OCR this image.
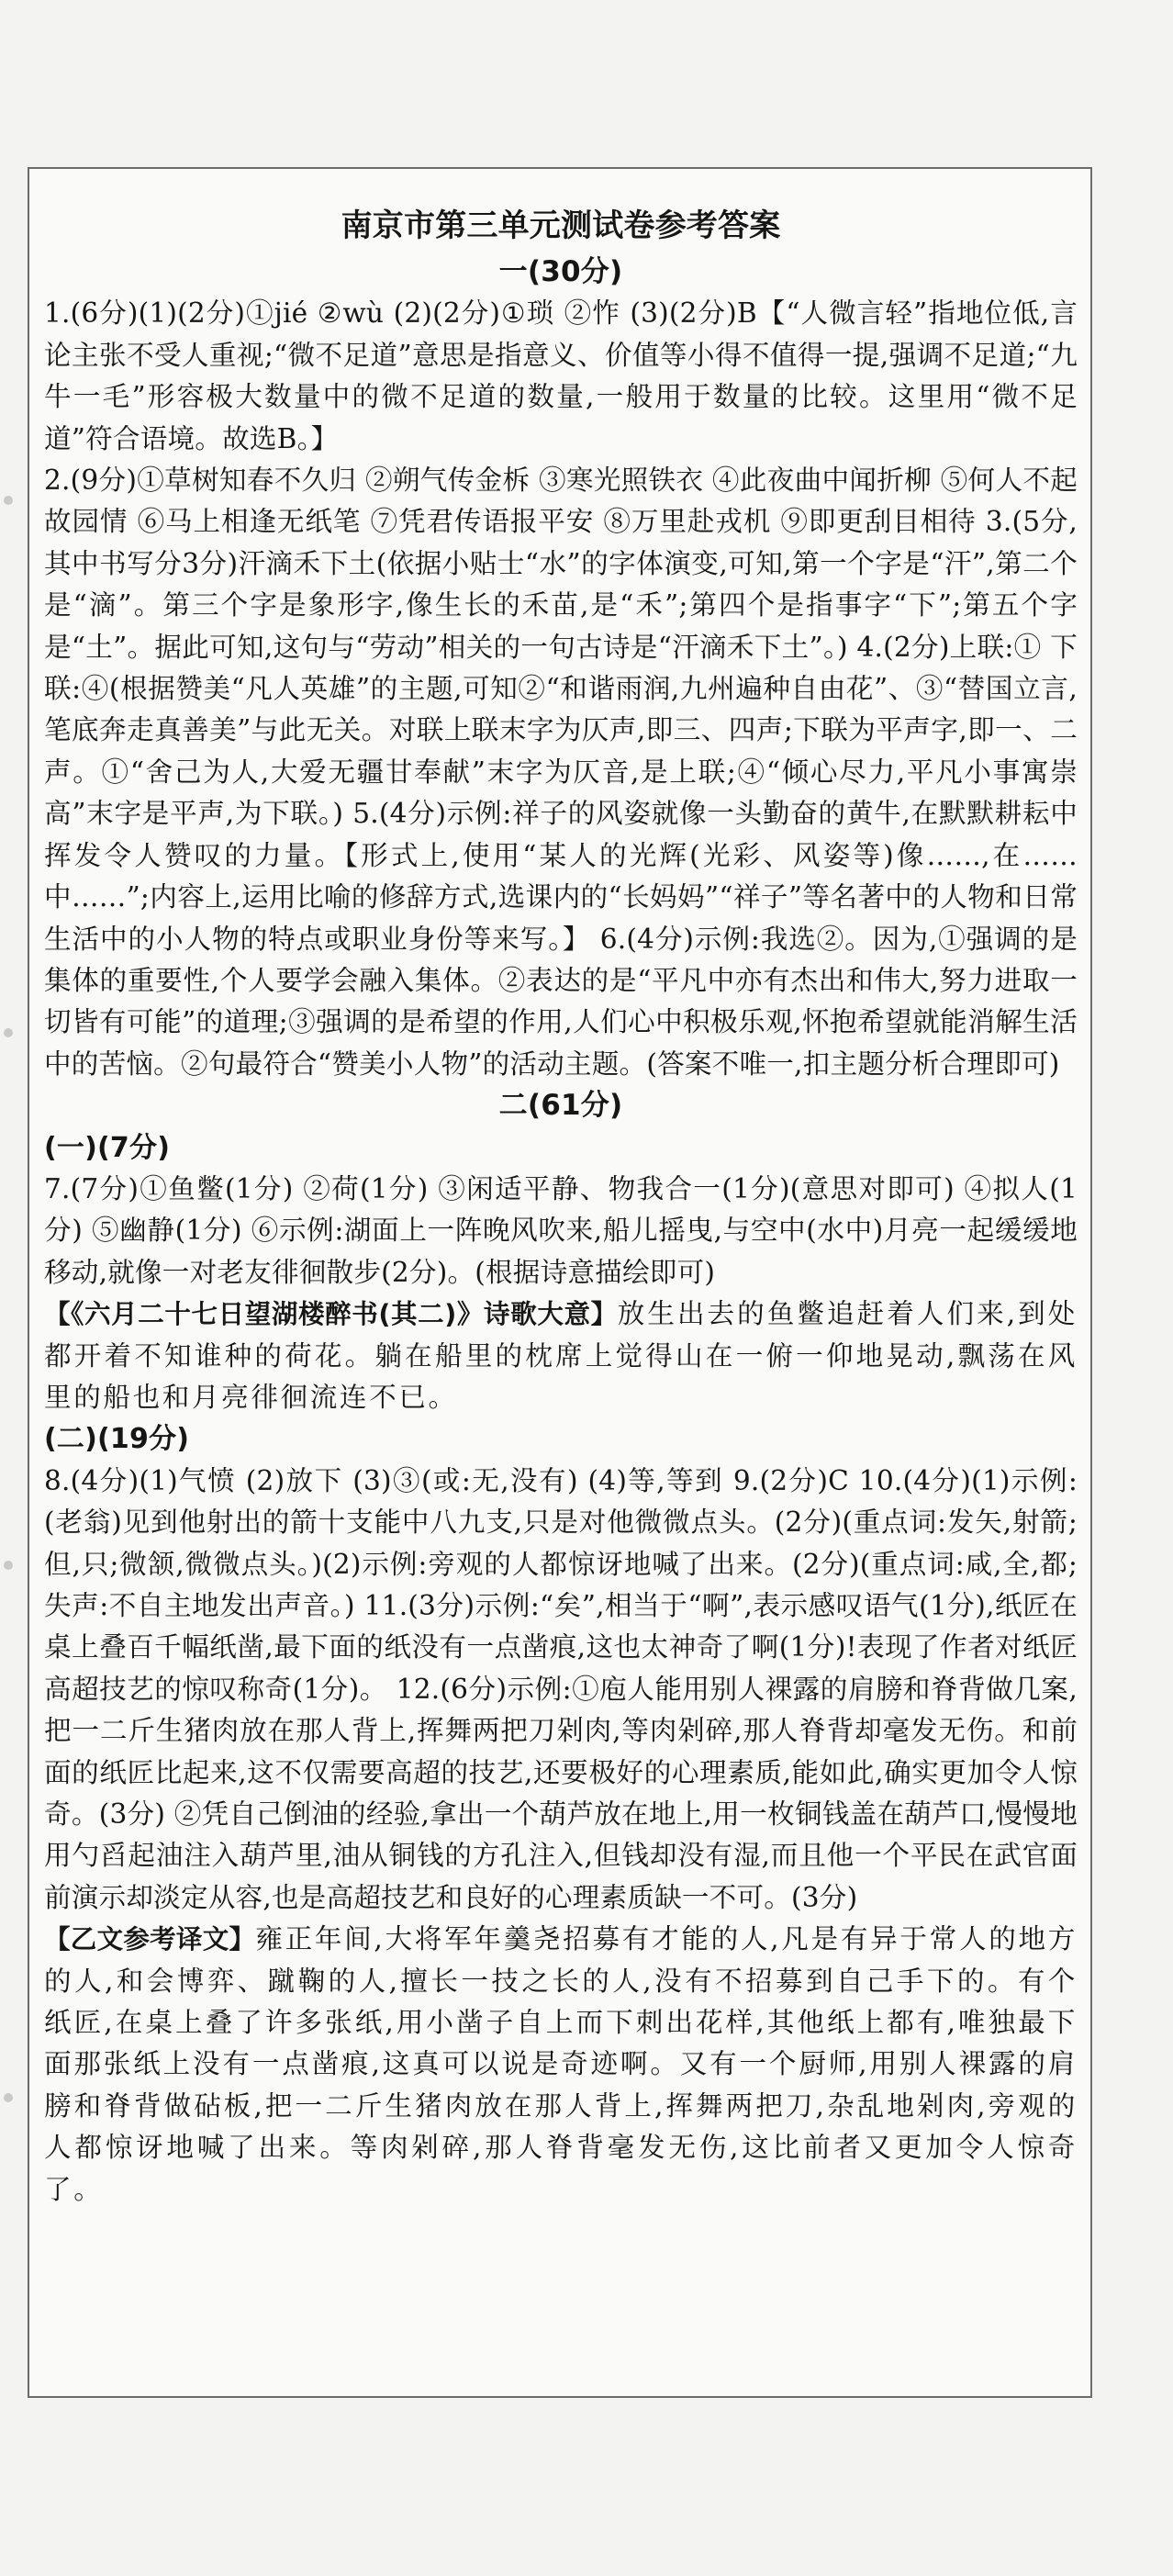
南京市第三单元测试卷参考答案

一(30分)

1.(6分)(1)(2分)①jié ②wù (2)(2分)①琐 ②怍 (3)(2分)B【“人微言轻”指地位低,言论主张不受人重视;“微不足道”意思是指意义、价值等小得不值得一提,强调不足道;“九牛一毛”形容极大数量中的微不足道的数量,一般用于数量的比较。这里用“微不足道”符合语境。故选B。】

2.(9分)①草树知春不久归 ②朔气传金柝 ③寒光照铁衣 ④此夜曲中闻折柳 ⑤何人不起故园情 ⑥马上相逢无纸笔 ⑦凭君传语报平安 ⑧万里赴戎机 ⑨即更刮目相待 3.(5分,其中书写分3分)汗滴禾下土(依据小贴士“水”的字体演变,可知,第一个字是“汗”,第二个是“滴”。第三个字是象形字,像生长的禾苗,是“禾”;第四个是指事字“下”;第五个字是“土”。据此可知,这句与“劳动”相关的一句古诗是“汗滴禾下土”。) 4.(2分)上联:① 下联:④(根据赞美“凡人英雄”的主题,可知②“和谐雨润,九州遍种自由花”、③“替国立言,笔底奔走真善美”与此无关。对联上联末字为仄声,即三、四声;下联为平声字,即一、二声。①“舍己为人,大爱无疆甘奉献”末字为仄音,是上联;④“倾心尽力,平凡小事寓崇高”末字是平声,为下联。) 5.(4分)示例:祥子的风姿就像一头勤奋的黄牛,在默默耕耘中挥发令人赞叹的力量。【形式上,使用“某人的光辉(光彩、风姿等)像……,在……中……”;内容上,运用比喻的修辞方式,选课内的“长妈妈”“祥子”等名著中的人物和日常生活中的小人物的特点或职业身份等来写。】 6.(4分)示例:我选②。因为,①强调的是集体的重要性,个人要学会融入集体。②表达的是“平凡中亦有杰出和伟大,努力进取一切皆有可能”的道理;③强调的是希望的作用,人们心中积极乐观,怀抱希望就能消解生活中的苦恼。②句最符合“赞美小人物”的活动主题。(答案不唯一,扣主题分析合理即可)

二(61分)

(一)(7分)

7.(7分)①鱼鳖(1分) ②荷(1分) ③闲适平静、物我合一(1分)(意思对即可) ④拟人(1分) ⑤幽静(1分) ⑥示例:湖面上一阵晚风吹来,船儿摇曳,与空中(水中)月亮一起缓缓地移动,就像一对老友徘徊散步(2分)。(根据诗意描绘即可)

【《六月二十七日望湖楼醉书(其二)》诗歌大意】放生出去的鱼鳖追赶着人们来,到处都开着不知谁种的荷花。躺在船里的枕席上觉得山在一俯一仰地晃动,飘荡在风里的船也和月亮徘徊流连不已。

(二)(19分)

8.(4分)(1)气愤 (2)放下 (3)③(或:无,没有) (4)等,等到 9.(2分)C 10.(4分)(1)示例:(老翁)见到他射出的箭十支能中八九支,只是对他微微点头。(2分)(重点词:发矢,射箭;但,只;微颔,微微点头。)(2)示例:旁观的人都惊讶地喊了出来。(2分)(重点词:咸,全,都;失声:不自主地发出声音。) 11.(3分)示例:“矣”,相当于“啊”,表示感叹语气(1分),纸匠在桌上叠百千幅纸凿,最下面的纸没有一点凿痕,这也太神奇了啊(1分)!表现了作者对纸匠高超技艺的惊叹称奇(1分)。 12.(6分)示例:①庖人能用别人裸露的肩膀和脊背做几案,把一二斤生猪肉放在那人背上,挥舞两把刀剁肉,等肉剁碎,那人脊背却毫发无伤。和前面的纸匠比起来,这不仅需要高超的技艺,还要极好的心理素质,能如此,确实更加令人惊奇。(3分) ②凭自己倒油的经验,拿出一个葫芦放在地上,用一枚铜钱盖在葫芦口,慢慢地用勺舀起油注入葫芦里,油从铜钱的方孔注入,但钱却没有湿,而且他一个平民在武官面前演示却淡定从容,也是高超技艺和良好的心理素质缺一不可。(3分)

【乙文参考译文】雍正年间,大将军年羹尧招募有才能的人,凡是有异于常人的地方的人,和会博弈、蹴鞠的人,擅长一技之长的人,没有不招募到自己手下的。有个纸匠,在桌上叠了许多张纸,用小凿子自上而下刺出花样,其他纸上都有,唯独最下面那张纸上没有一点凿痕,这真可以说是奇迹啊。又有一个厨师,用别人裸露的肩膀和脊背做砧板,把一二斤生猪肉放在那人背上,挥舞两把刀,杂乱地剁肉,旁观的人都惊讶地喊了出来。等肉剁碎,那人脊背毫发无伤,这比前者又更加令人惊奇了。
